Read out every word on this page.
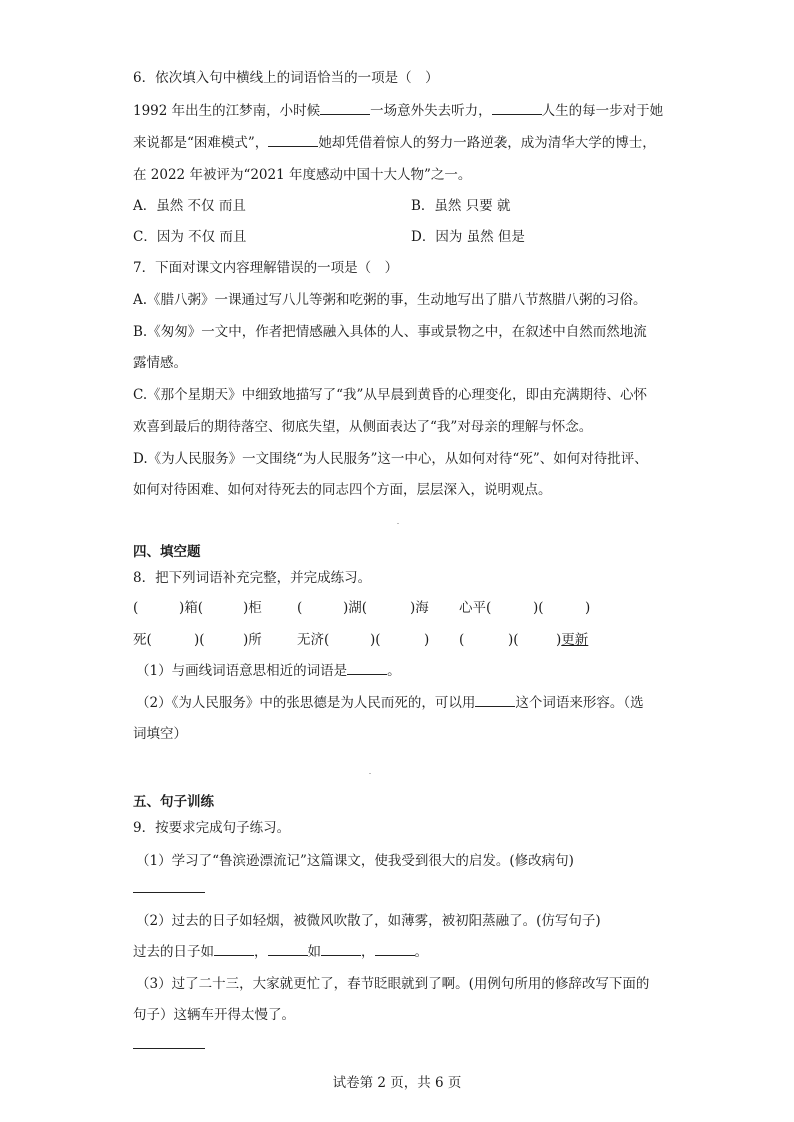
6．依次填入句中横线上的词语恰当的一项是（　）

1992 年出生的江梦南，小时候	一场意外失去听力，	人生的每一步对于她

来说都是“困难模式”，	她却凭借着惊人的努力一路逆袭，成为清华大学的博士，

在 2022 年被评为“2021 年度感动中国十大人物”之一。

A．虽然 不仅 而且	B．虽然 只要 就

C．因为 不仅 而且	D．因为 虽然 但是

7．下面对课文内容理解错误的一项是（　）

A.《腊八粥》一课通过写八儿等粥和吃粥的事，生动地写出了腊八节熬腊八粥的习俗。

B.《匆匆》一文中，作者把情感融入具体的人、事或景物之中，在叙述中自然而然地流

露情感。

C.《那个星期天》中细致地描写了“我”从早晨到黄昏的心理变化，即由充满期待、心怀

欢喜到最后的期待落空、彻底失望，从侧面表达了“我”对母亲的理解与怀念。

D.《为人民服务》一文围绕“为人民服务”这一中心，从如何对待“死”、如何对待批评、

如何对待困难、如何对待死去的同志四个方面，层层深入，说明观点。

四、填空题

8．把下列词语补充完整，并完成练习。

(	)箱(	)柜	(	)湖(	)海 心平(	)(	)
死(	)(	)所	无济(	)(	) (	)(	)更新

（1）与画线词语意思相近的词语是	。

（2）《为人民服务》中的张思德是为人民而死的，可以用	这个词语来形容。（选

词填空）

五、句子训练

9．按要求完成句子练习。

（1）学习了“鲁滨逊漂流记”这篇课文，使我受到很大的启发。(修改病句)

（2）过去的日子如轻烟，被微风吹散了，如薄雾，被初阳蒸融了。(仿写句子)

过去的日子如	，	如	，	。

（3）过了二十三，大家就更忙了，春节眨眼就到了啊。(用例句所用的修辞改写下面的

句子）这辆车开得太慢了。

试卷第 2 页，共 6 页
